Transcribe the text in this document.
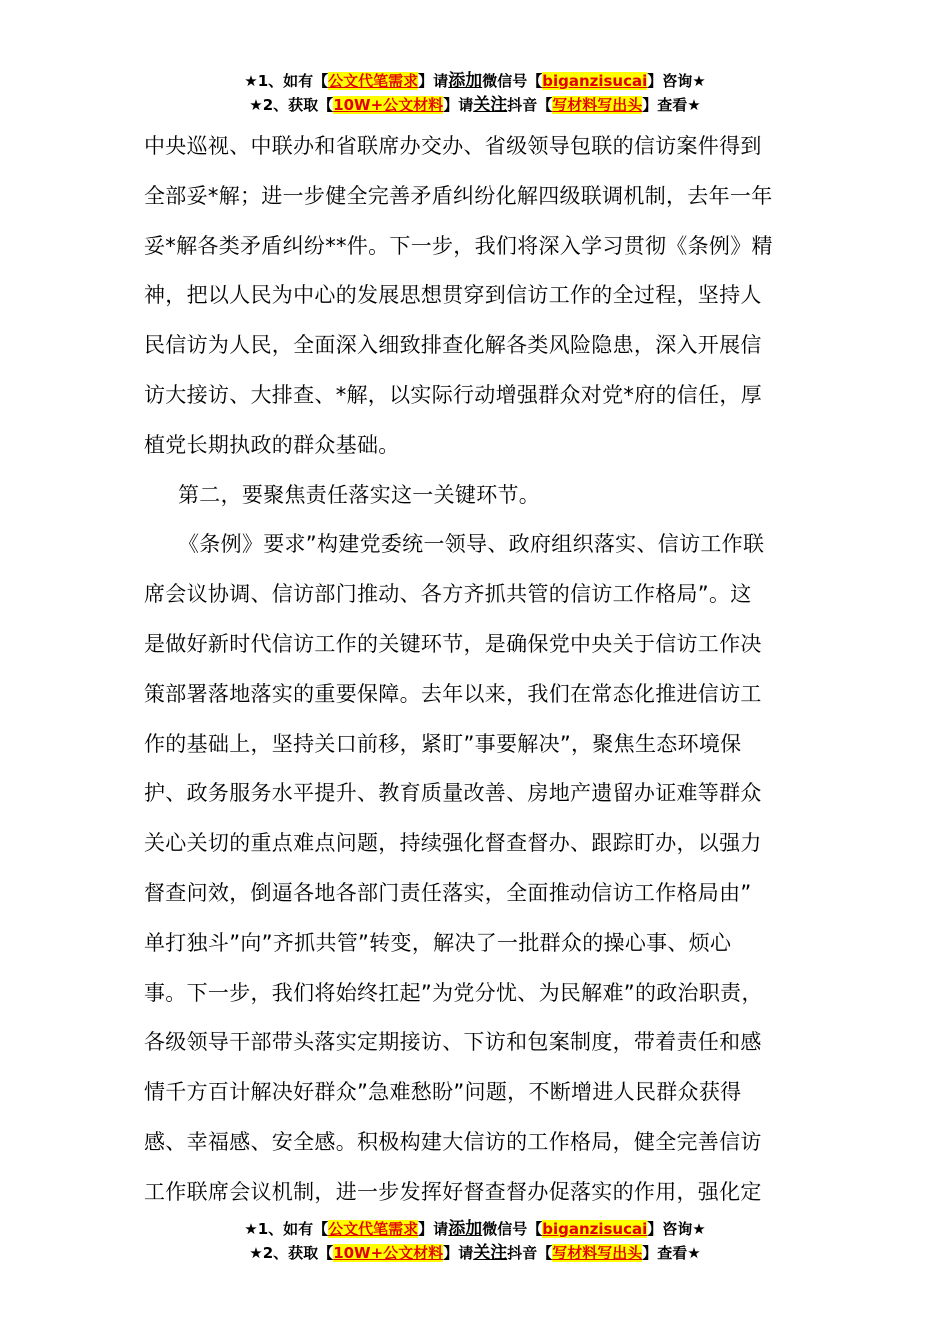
★1、如有【公文代笔需求】请添加微信号【biganzisucai】咨询★
★2、获取【10W+公文材料】请关注抖音【写材料写出头】查看★
中央巡视、中联办和省联席办交办、省级领导包联的信访案件得到
全部妥*解；进一步健全完善矛盾纠纷化解四级联调机制，去年一年
妥*解各类矛盾纠纷**件。下一步，我们将深入学习贯彻《条例》精
神，把以人民为中心的发展思想贯穿到信访工作的全过程，坚持人
民信访为人民，全面深入细致排查化解各类风险隐患，深入开展信
访大接访、大排查、*解，以实际行动增强群众对党*府的信任，厚
植党长期执政的群众基础。
第二，要聚焦责任落实这一关键环节。
《条例》要求”构建党委统一领导、政府组织落实、信访工作联
席会议协调、信访部门推动、各方齐抓共管的信访工作格局”。这
是做好新时代信访工作的关键环节，是确保党中央关于信访工作决
策部署落地落实的重要保障。去年以来，我们在常态化推进信访工
作的基础上，坚持关口前移，紧盯”事要解决”，聚焦生态环境保
护、政务服务水平提升、教育质量改善、房地产遗留办证难等群众
关心关切的重点难点问题，持续强化督查督办、跟踪盯办，以强力
督查问效，倒逼各地各部门责任落实，全面推动信访工作格局由”
单打独斗”向”齐抓共管”转变，解决了一批群众的操心事、烦心
事。下一步，我们将始终扛起”为党分忧、为民解难”的政治职责，
各级领导干部带头落实定期接访、下访和包案制度，带着责任和感
情千方百计解决好群众”急难愁盼”问题，不断增进人民群众获得
感、幸福感、安全感。积极构建大信访的工作格局，健全完善信访
工作联席会议机制，进一步发挥好督查督办促落实的作用，强化定
★1、如有【公文代笔需求】请添加微信号【biganzisucai】咨询★
★2、获取【10W+公文材料】请关注抖音【写材料写出头】查看★
